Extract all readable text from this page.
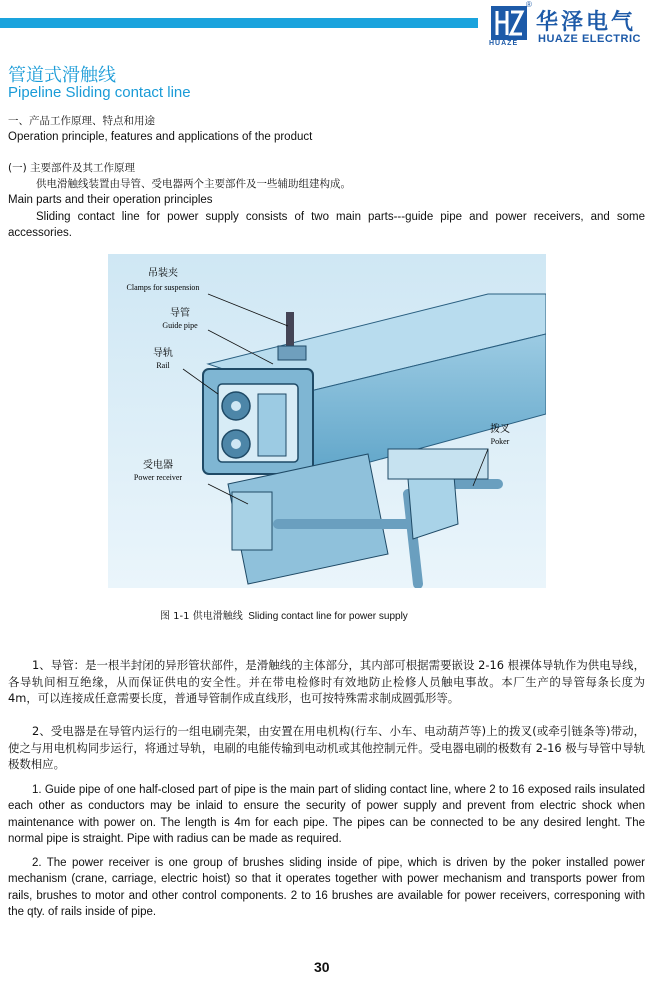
®
HUAZE
华泽电气
HUAZE ELECTRIC
管道式滑触线
Pipeline Sliding contact line
一、产品工作原理、特点和用途
Operation principle, features and applications of the product
(一) 主要部件及其工作原理
供电滑触线装置由导管、受电器两个主要部件及一些辅助组建构成。
Main parts and their operation principles
Sliding contact line for power supply consists of two main parts---guide pipe and power receivers, and some accessories.
吊装夹
Clamps for suspension
导管
Guide pipe
导轨
Rail
受电器
Power receiver
拨叉
Poker
图 1-1 供电滑触线 Sliding contact line for power supply
1、导管：是一根半封闭的异形管状部件，是滑触线的主体部分，其内部可根据需要嵌设 2-16 根裸体导轨作为供电导线，各导轨间相互绝缘，从而保证供电的安全性。并在带电检修时有效地防止检修人员触电事故。本厂生产的导管每条长度为 4m，可以连接成任意需要长度，普通导管制作成直线形，也可按特殊需求制成圆弧形等。
2、受电器是在导管内运行的一组电刷壳架，由安置在用电机构(行车、小车、电动葫芦等)上的拨叉(或牵引链条等)带动，使之与用电机构同步运行，将通过导轨，电刷的电能传输到电动机或其他控制元件。受电器电刷的极数有 2-16 极与导管中导轨极数相应。
1. Guide pipe of one half-closed part of pipe is the main part of sliding contact line, where 2 to 16 exposed rails insulated each other as conductors may be inlaid to ensure the security of power supply and prevent from electric shock when maintenance with power on. The length is 4m for each pipe. The pipes can be connected to be any desired lenght. The normal pipe is straight. Pipe with radius can be made as required.
2. The power receiver is one group of brushes sliding inside of pipe, which is driven by the poker installed power mechanism (crane, carriage, electric hoist) so that it operates together with power mechanism and transports power from rails, brushes to motor and other control components. 2 to 16 brushes are available for power receivers, corresponing with the qty. of rails inside of pipe.
30
